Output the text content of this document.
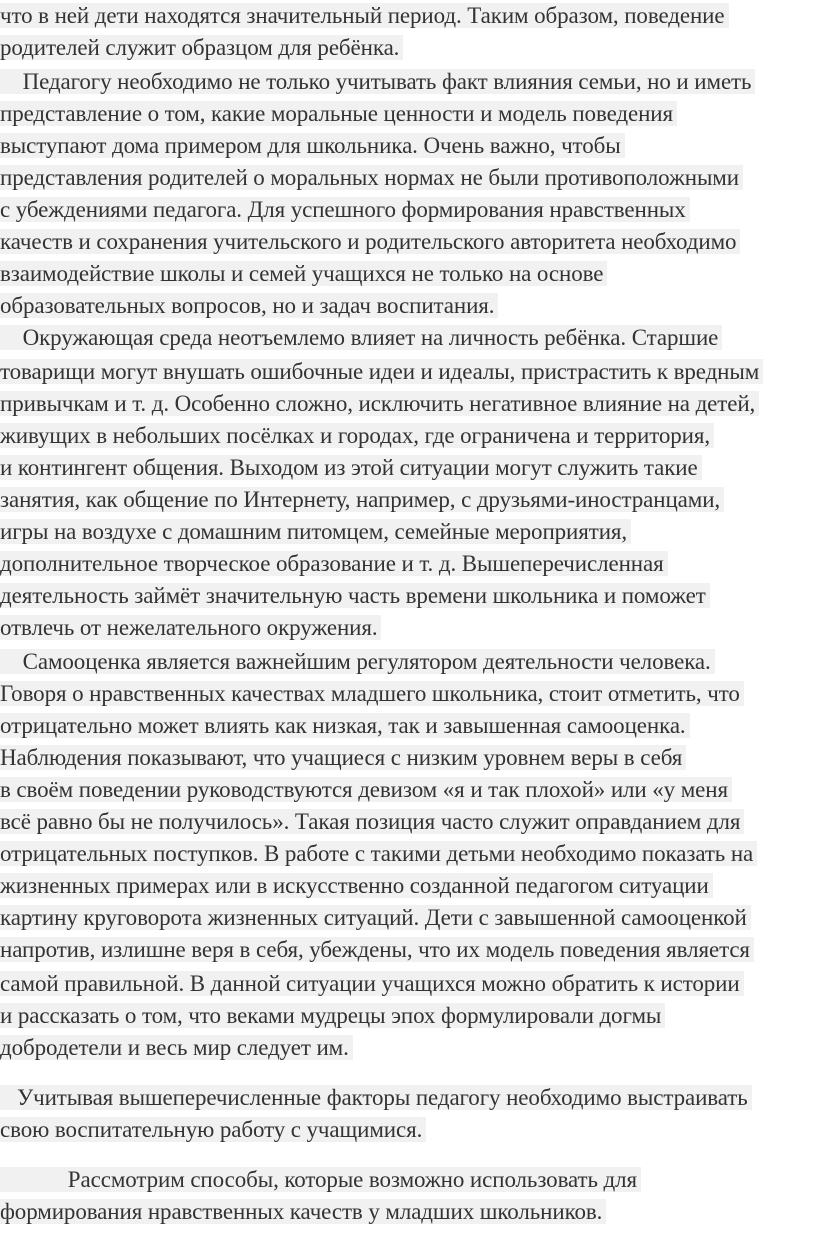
что в ней дети находятся значительный период. Таким образом, поведение
родителей служит образцом для ребёнка.
Педагогу необходимо не только учитывать факт влияния семьи, но и иметь
представление о том, какие моральные ценности и модель поведения
выступают дома примером для школьника. Очень важно, чтобы
представления родителей о моральных нормах не были противоположными
с убеждениями педагога. Для успешного формирования нравственных
качеств и сохранения учительского и родительского авторитета необходимо
взаимодействие школы и семей учащихся не только на основе
образовательных вопросов, но и задач воспитания.
Окружающая среда неотъемлемо влияет на личность ребёнка. Старшие
товарищи могут внушать ошибочные идеи и идеалы, пристрастить к вредным
привычкам и т. д. Особенно сложно, исключить негативное влияние на детей,
живущих в небольших посёлках и городах, где ограничена и территория,
и контингент общения. Выходом из этой ситуации могут служить такие
занятия, как общение по Интернету, например, с друзьями-иностранцами,
игры на воздухе с домашним питомцем, семейные мероприятия,
дополнительное творческое образование и т. д. Вышеперечисленная
деятельность займёт значительную часть времени школьника и поможет
отвлечь от нежелательного окружения.
Самооценка является важнейшим регулятором деятельности человека.
Говоря о нравственных качествах младшего школьника, стоит отметить, что
отрицательно может влиять как низкая, так и завышенная самооценка.
Наблюдения показывают, что учащиеся с низким уровнем веры в себя
в своём поведении руководствуются девизом «я и так плохой» или «у меня
всё равно бы не получилось». Такая позиция часто служит оправданием для
отрицательных поступков. В работе с такими детьми необходимо показать на
жизненных примерах или в искусственно созданной педагогом ситуации
картину круговорота жизненных ситуаций. Дети с завышенной самооценкой
напротив, излишне веря в себя, убеждены, что их модель поведения является
самой правильной. В данной ситуации учащихся можно обратить к истории
и рассказать о том, что веками мудрецы эпох формулировали догмы
добродетели и весь мир следует им.
Учитывая вышеперечисленные факторы педагогу необходимо выстраивать
свою воспитательную работу с учащимися.
Рассмотрим способы, которые возможно использовать для
формирования нравственных качеств у младших школьников.
